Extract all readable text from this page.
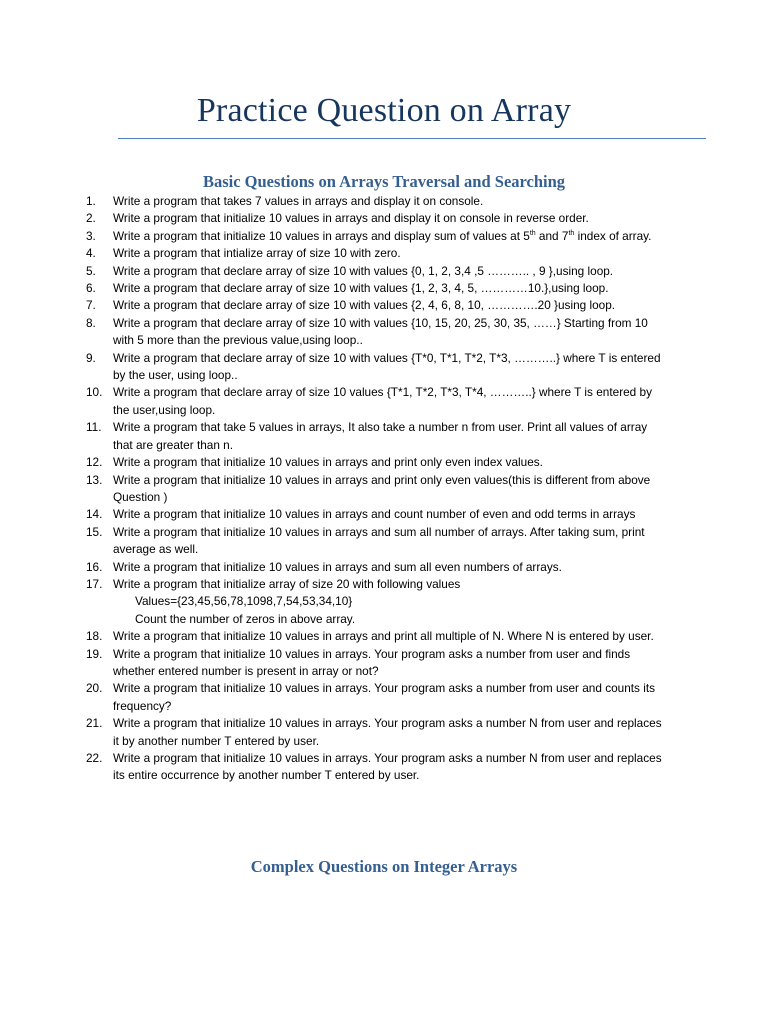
Practice Question on Array
Basic Questions on Arrays Traversal and Searching
1.	Write a program that takes 7 values in arrays and display it on console.
2.	Write a program that initialize 10 values in arrays and display it on console in reverse order.
3.	Write a program that initialize 10 values in arrays and display sum of values at 5th and 7th index of array.
4.	Write a program that intialize array of size 10 with zero.
5.	Write a program that declare array of size 10 with values {0, 1, 2, 3,4 ,5 ……….. , 9 },using loop.
6.	Write a program that declare array of size 10 with values {1, 2, 3, 4, 5, …………10.},using loop.
7.	Write a program that declare array of size 10 with values {2, 4, 6, 8, 10, ………….20 }using loop.
8.	Write a program that declare array of size 10 with values {10, 15, 20, 25, 30, 35, ……} Starting from 10 with 5 more than the previous value,using loop..
9.	Write a program that declare array of size 10 with values {T*0, T*1, T*2, T*3, ………..} where T is entered by the user, using loop..
10. Write a program that declare array of size 10 values {T*1, T*2, T*3, T*4, ………..} where T is entered by the user,using loop.
11. Write a program that take 5 values in arrays, It also take a number n from user. Print all values of array that are greater than n.
12. Write a program that initialize 10 values in arrays and print only even index values.
13. Write a program that initialize 10 values in arrays and print only even values(this is different from above Question )
14. Write a program that initialize 10 values in arrays and count number of even and odd terms in arrays
15. Write a program that initialize 10 values in arrays and sum all number of arrays. After taking sum, print average as well.
16. Write a program that initialize 10 values in arrays and sum all even numbers of arrays.
17. Write a program that initialize array of size 20 with following values
Values={23,45,56,78,1098,7,54,53,34,10}
Count the number of zeros in above array.
18. Write a program that initialize 10 values in arrays and print all multiple of N. Where N is entered by user.
19. Write a program that initialize 10 values in arrays. Your program asks a number from user and finds whether entered number is present in array or not?
20. Write a program that initialize 10 values in arrays. Your program asks a number from user and counts its frequency?
21. Write a program that initialize 10 values in arrays. Your program asks a number N from user and replaces it by another number T entered by user.
22. Write a program that initialize 10 values in arrays. Your program asks a number N from user and replaces its entire occurrence by another number T entered by user.
Complex Questions on Integer Arrays
